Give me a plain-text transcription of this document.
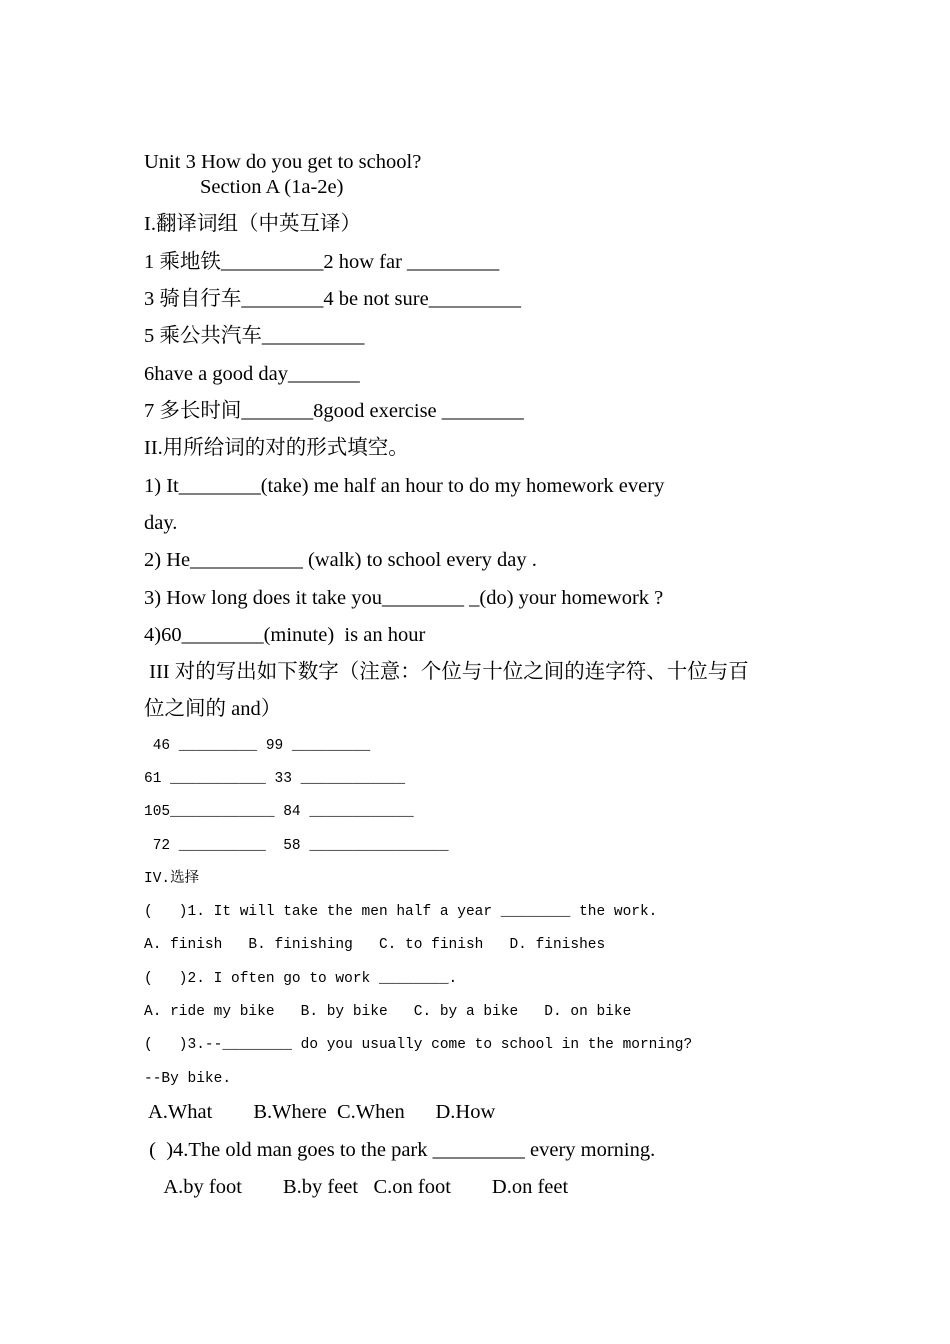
Unit 3 How do you get to school?
Section A (1a-2e)
I.翻译词组（中英互译）
1 乘地铁__________2 how far _________
3 骑自行车________4 be not sure_________
5 乘公共汽车__________
6have a good day_______
7 多长时间_______8good exercise ________
II.用所给词的对的形式填空。
1) It________(take) me half an hour to do my homework every
day.
2) He___________ (walk) to school every day .
3) How long does it take you________ _(do) your homework ?
4)60________(minute)  is an hour
III 对的写出如下数字（注意：个位与十位之间的连字符、十位与百
位之间的 and）
46 _________ 99 _________
61 ___________ 33 ____________
105____________ 84 ____________
72 __________  58 ________________
IV.选择
(   )1. It will take the men half a year ________ the work.
A. finish   B. finishing   C. to finish   D. finishes
(   )2. I often go to work ________.
A. ride my bike   B. by bike   C. by a bike   D. on bike
(   )3.--________ do you usually come to school in the morning?
--By bike.
A.What        B.Where  C.When      D.How
(  )4.The old man goes to the park _________ every morning.
A.by foot        B.by feet   C.on foot        D.on feet
